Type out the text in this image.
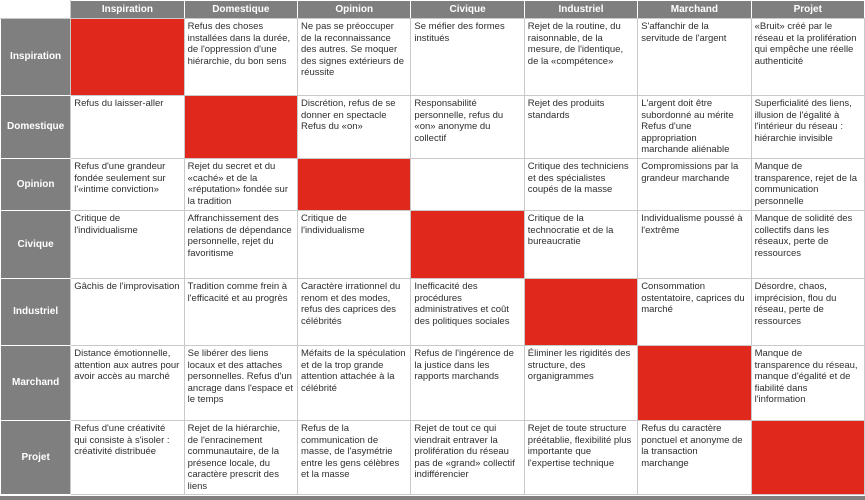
	Inspiration	Domestique	Opinion	Civique	Industriel	Marchand	Projet
Inspiration		Refus des choses installées dans la durée, de l'oppression d'une hiérarchie, du bon sens	Ne pas se préoccuper de la reconnaissance des autres. Se moquer des signes extérieurs de réussite	Se méfier des formes institués	Rejet de la routine, du raisonnable, de la mesure, de l'identique, de la «compétence»	S'affanchir de la servitude de l'argent	«Bruit» créé par le réseau et la prolifération qui empêche une réelle authenticité
Domestique	Refus du laisser-aller		Discrétion, refus de se donner en spectacle Refus du «on»	Responsabilité personnelle, refus du «on» anonyme du collectif	Rejet des produits standards	L'argent doit être subordonné au mérite Refus d'une appropriation marchande aliénable	Superficialité des liens, illusion de l'égalité à l'intérieur du réseau : hiérarchie invisible
Opinion	Refus d'une grandeur fondée seulement sur l'«intime conviction»	Rejet du secret et du «caché» et de la «réputation» fondée sur la tradition			Critique des techniciens et des spécialistes coupés de la masse	Compromissions par la grandeur marchande	Manque de transparence, rejet de la communication personnelle
Civique	Critique de l'individualisme	Affranchissement des relations de dépendance personnelle, rejet du favoritisme	Critique de l'individualisme		Critique de la technocratie et de la bureaucratie	Individualisme poussé à l'extrême	Manque de solidité des collectifs dans les réseaux, perte de ressources
Industriel	Gâchis de l'improvisation	Tradition comme frein à l'efficacité et au progrès	Caractère irrationnel du renom et des modes, refus des caprices des célébrités	Inefficacité des procédures administratives et coût des politiques sociales		Consommation ostentatoire, caprices du marché	Désordre, chaos, imprécision, flou du réseau, perte de ressources
Marchand	Distance émotionnelle, attention aux autres pour avoir accès au marché	Se libérer des liens locaux et des attaches personnelles. Refus d'un ancrage dans l'espace et le temps	Méfaits de la spéculation et de la trop grande attention attachée à la célébrité	Refus de l'ingérence de la justice dans les rapports marchands	Éliminer les rigidités des structure, des organigrammes		Manque de transparence du réseau, manque d'égalité et de fiabilité dans l'information
Projet	Refus d'une créativité qui consiste à s'isoler : créativité distribuée	Rejet de la hiérarchie, de l'enracinement communautaire, de la présence locale, du caractère prescrit des liens	Refus de la communication de masse, de l'asymétrie entre les gens célèbres et la masse	Rejet de tout ce qui viendrait entraver la prolifération du réseau pas de «grand» collectif indifférencier	Rejet de toute structure préétablie, flexibilité plus importante que l'expertise technique	Refus du caractère ponctuel et anonyme de la transaction marchange	
